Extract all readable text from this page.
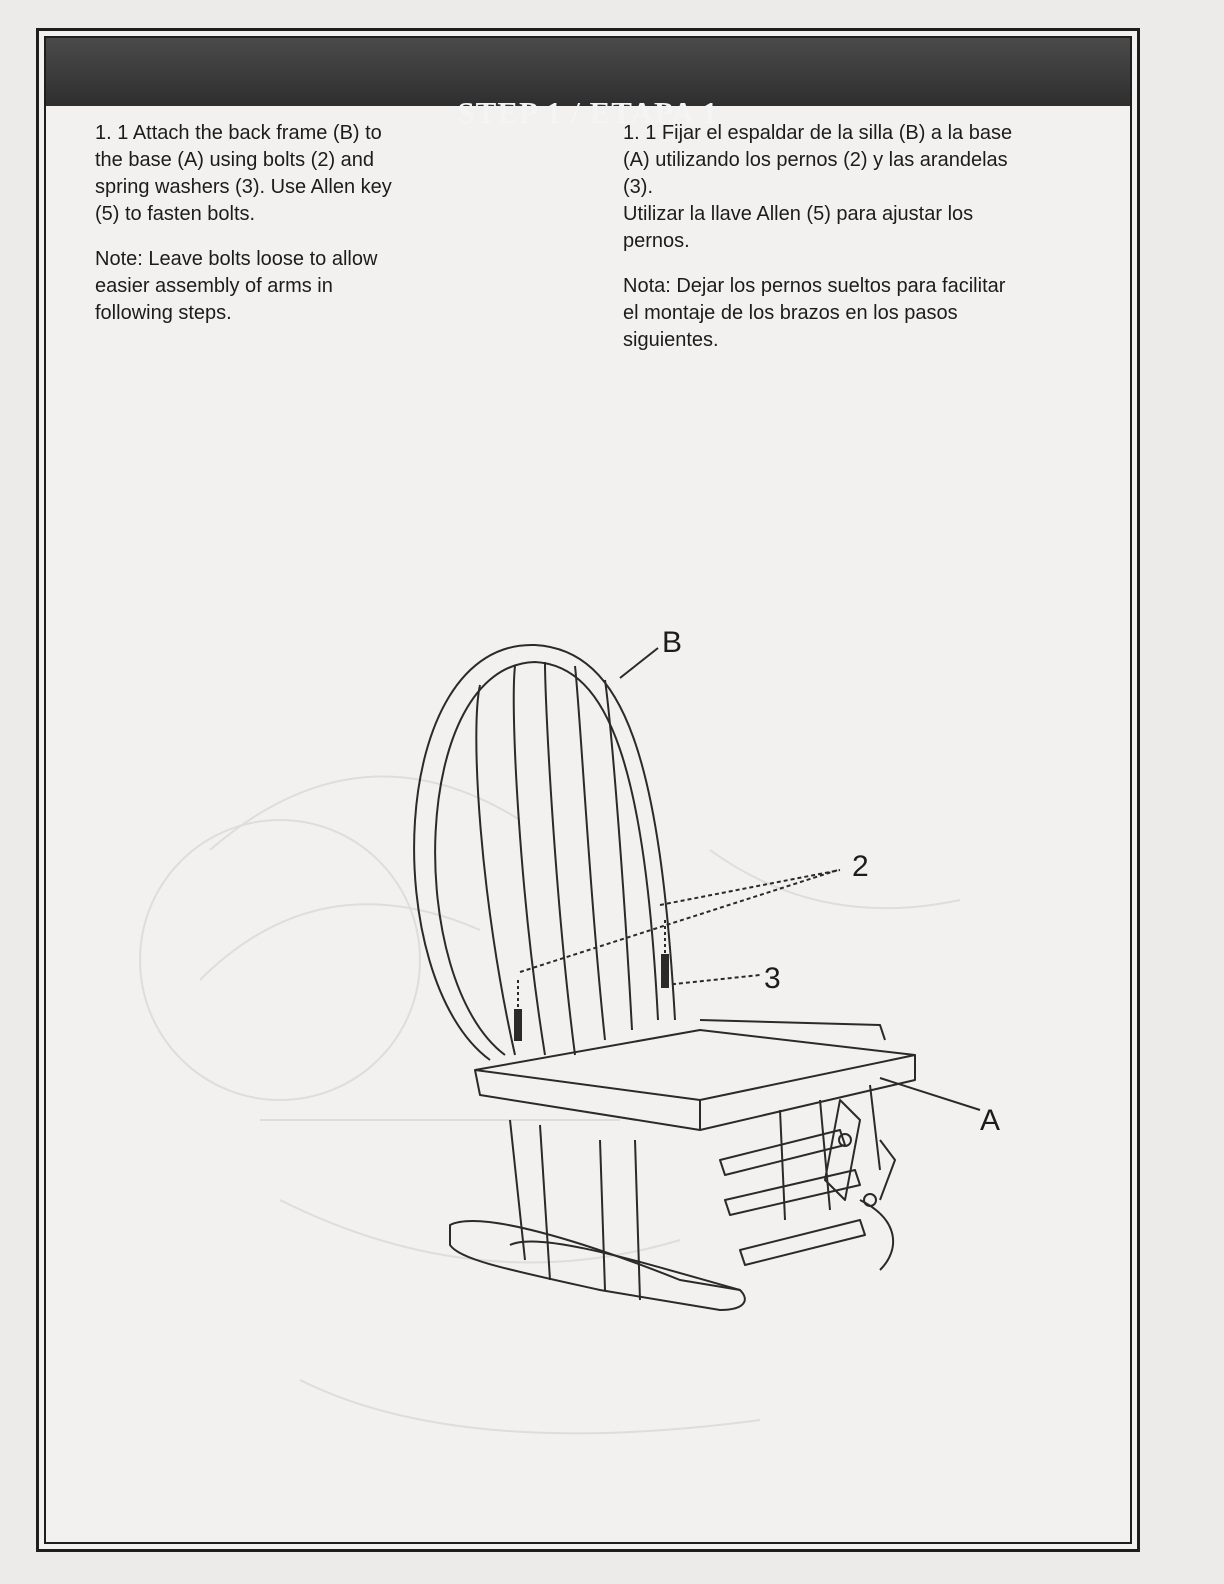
STEP 1 / ETAPA 1

1. 1 Attach the back frame (B) to
the base (A) using bolts (2) and
spring washers (3). Use Allen key
(5) to fasten bolts.

Note: Leave bolts loose to allow
easier assembly of arms in
following steps.

1. 1 Fijar el espaldar de la silla (B) a la base
(A) utilizando los pernos (2) y las arandelas
(3).
Utilizar la llave Allen (5) para ajustar los
pernos.

Nota: Dejar los pernos sueltos para facilitar
el montaje de los brazos en los pasos
siguientes.

B
2
3
A
